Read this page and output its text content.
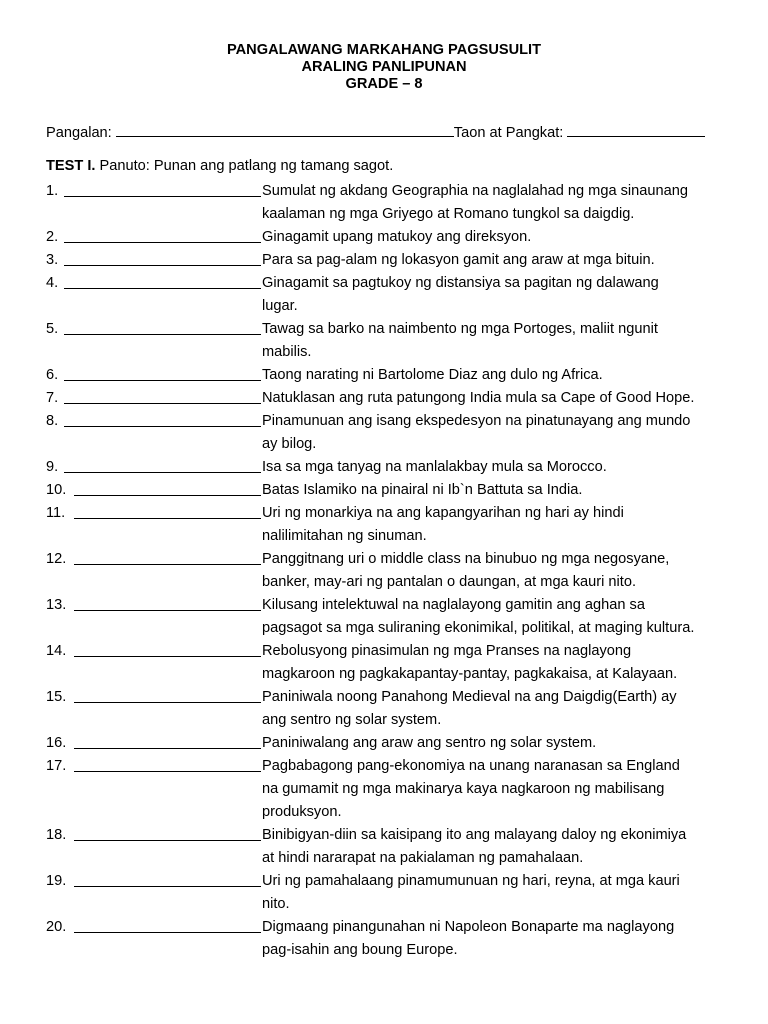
PANGALAWANG MARKAHANG PAGSUSULIT
ARALING PANLIPUNAN
GRADE – 8
Pangalan:	Taon at Pangkat:
TEST I. Panuto: Punan ang patlang ng tamang sagot.
1.	Sumulat ng akdang Geographia na naglalahad ng mga sinaunang
kaalaman ng mga Griyego at Romano tungkol sa daigdig.
2.	Ginagamit upang matukoy ang direksyon.
3.	Para sa pag-alam ng lokasyon gamit ang araw at mga bituin.
4.	Ginagamit sa pagtukoy ng distansiya sa pagitan ng dalawang
lugar.
5.	Tawag sa barko na naimbento ng mga Portoges, maliit ngunit
mabilis.
6.	Taong narating ni Bartolome Diaz ang dulo ng Africa.
7.	Natuklasan ang ruta patungong India mula sa Cape of Good Hope.
8.	Pinamunuan ang isang ekspedesyon na pinatunayang ang mundo
ay bilog.
9.	Isa sa mga tanyag na manlalakbay mula sa Morocco.
10.	Batas Islamiko na pinairal ni Ib`n Battuta sa India.
11.	Uri ng monarkiya na ang kapangyarihan ng hari ay hindi
nalilimitahan ng sinuman.
12.	Panggitnang uri o middle class na binubuo ng mga negosyane,
banker, may-ari ng pantalan o daungan, at mga kauri nito.
13.	Kilusang intelektuwal na naglalayong gamitin ang aghan sa
pagsagot sa mga suliraning ekonimikal, politikal, at maging kultura.
14.	Rebolusyong pinasimulan ng mga Pranses na naglayong
magkaroon ng pagkakapantay-pantay, pagkakaisa, at Kalayaan.
15.	Paniniwala noong Panahong Medieval na ang Daigdig(Earth) ay
ang sentro ng solar system.
16.	Paniniwalang ang araw ang sentro ng solar system.
17.	Pagbabagong pang-ekonomiya na unang naranasan sa England
na gumamit ng mga makinarya kaya nagkaroon ng mabilisang
produksyon.
18.	Binibigyan-diin sa kaisipang ito ang malayang daloy ng ekonimiya
at hindi nararapat na pakialaman ng pamahalaan.
19.	Uri ng pamahalaang pinamumunuan ng hari, reyna, at mga kauri
nito.
20.	Digmaang pinangunahan ni Napoleon Bonaparte ma naglayong
pag-isahin ang boung Europe.
